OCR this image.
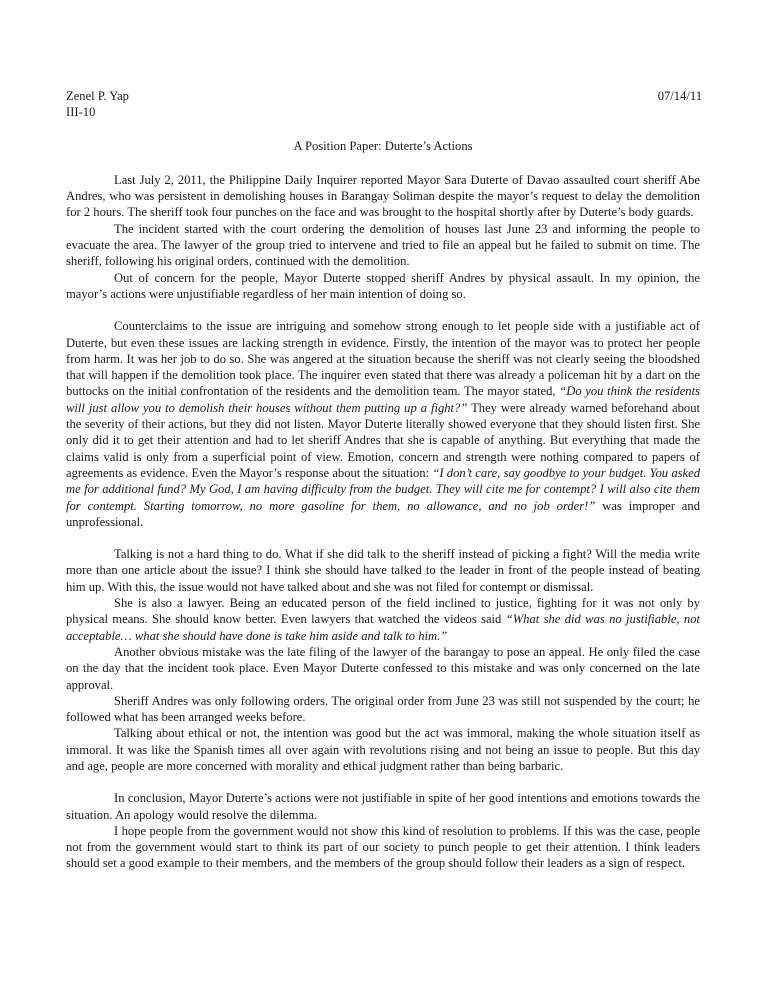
Zenel P. Yap	07/14/11
III-10
A Position Paper: Duterte’s Actions

Last July 2, 2011, the Philippine Daily Inquirer reported Mayor Sara Duterte of Davao assaulted court sheriff Abe Andres, who was persistent in demolishing houses in Barangay Soliman despite the mayor’s request to delay the demolition for 2 hours. The sheriff took four punches on the face and was brought to the hospital shortly after by Duterte’s body guards.

The incident started with the court ordering the demolition of houses last June 23 and informing the people to evacuate the area. The lawyer of the group tried to intervene and tried to file an appeal but he failed to submit on time. The sheriff, following his original orders, continued with the demolition.

Out of concern for the people, Mayor Duterte stopped sheriff Andres by physical assault. In my opinion, the mayor’s actions were unjustifiable regardless of her main intention of doing so.

Counterclaims to the issue are intriguing and somehow strong enough to let people side with a justifiable act of Duterte, but even these issues are lacking strength in evidence. Firstly, the intention of the mayor was to protect her people from harm. It was her job to do so. She was angered at the situation because the sheriff was not clearly seeing the bloodshed that will happen if the demolition took place. The inquirer even stated that there was already a policeman hit by a dart on the buttocks on the initial confrontation of the residents and the demolition team. The mayor stated, “Do you think the residents will just allow you to demolish their houses without them putting up a fight?” They were already warned beforehand about the severity of their actions, but they did not listen. Mayor Duterte literally showed everyone that they should listen first. She only did it to get their attention and had to let sheriff Andres that she is capable of anything. But everything that made the claims valid is only from a superficial point of view. Emotion, concern and strength were nothing compared to papers of agreements as evidence. Even the Mayor’s response about the situation: “I don’t care, say goodbye to your budget. You asked me for additional fund? My God, I am having difficulty from the budget. They will cite me for contempt? I will also cite them for contempt. Starting tomorrow, no more gasoline for them, no allowance, and no job order!” was improper and unprofessional.

Talking is not a hard thing to do. What if she did talk to the sheriff instead of picking a fight? Will the media write more than one article about the issue? I think she should have talked to the leader in front of the people instead of beating him up. With this, the issue would not have talked about and she was not filed for contempt or dismissal.

She is also a lawyer. Being an educated person of the field inclined to justice, fighting for it was not only by physical means. She should know better. Even lawyers that watched the videos said “What she did was no justifiable, not acceptable… what she should have done is take him aside and talk to him.”

Another obvious mistake was the late filing of the lawyer of the barangay to pose an appeal. He only filed the case on the day that the incident took place. Even Mayor Duterte confessed to this mistake and was only concerned on the late approval.

Sheriff Andres was only following orders. The original order from June 23 was still not suspended by the court; he followed what has been arranged weeks before.

Talking about ethical or not, the intention was good but the act was immoral, making the whole situation itself as immoral. It was like the Spanish times all over again with revolutions rising and not being an issue to people. But this day and age, people are more concerned with morality and ethical judgment rather than being barbaric.

In conclusion, Mayor Duterte’s actions were not justifiable in spite of her good intentions and emotions towards the situation. An apology would resolve the dilemma.

I hope people from the government would not show this kind of resolution to problems. If this was the case, people not from the government would start to think its part of our society to punch people to get their attention. I think leaders should set a good example to their members, and the members of the group should follow their leaders as a sign of respect.
